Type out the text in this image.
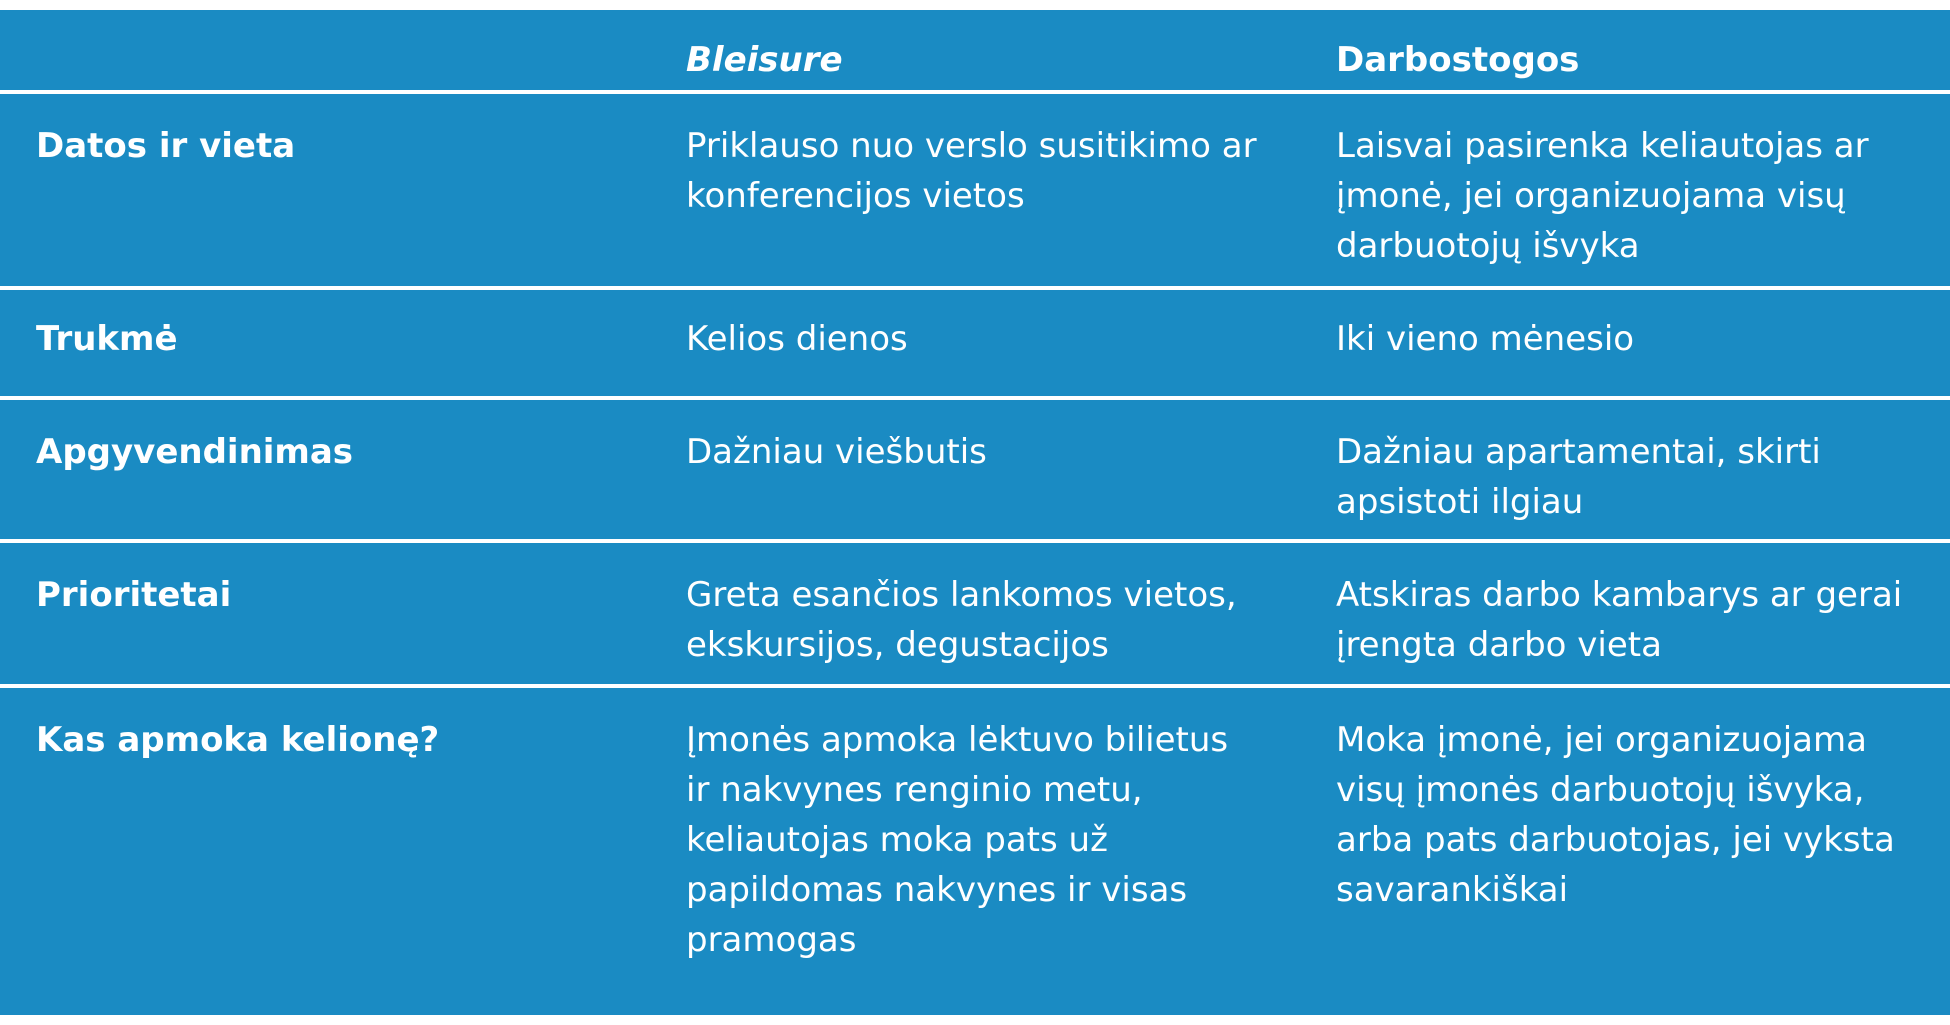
	Bleisure	Darbostogos
Datos ir vieta	Priklauso nuo verslo susitikimo ar konferencijos vietos	Laisvai pasirenka keliautojas ar įmonė, jei organizuojama visų darbuotojų išvyka
Trukmė	Kelios dienos	Iki vieno mėnesio
Apgyvendinimas	Dažniau viešbutis	Dažniau apartamentai, skirti apsistoti ilgiau
Prioritetai	Greta esančios lankomos vietos, ekskursijos, degustacijos	Atskiras darbo kambarys ar gerai įrengta darbo vieta
Kas apmoka kelionę?	Įmonės apmoka lėktuvo bilietus ir nakvynes renginio metu, keliautojas moka pats už papildomas nakvynes ir visas pramogas	Moka įmonė, jei organizuojama visų įmonės darbuotojų išvyka, arba pats darbuotojas, jei vyksta savarankiškai
